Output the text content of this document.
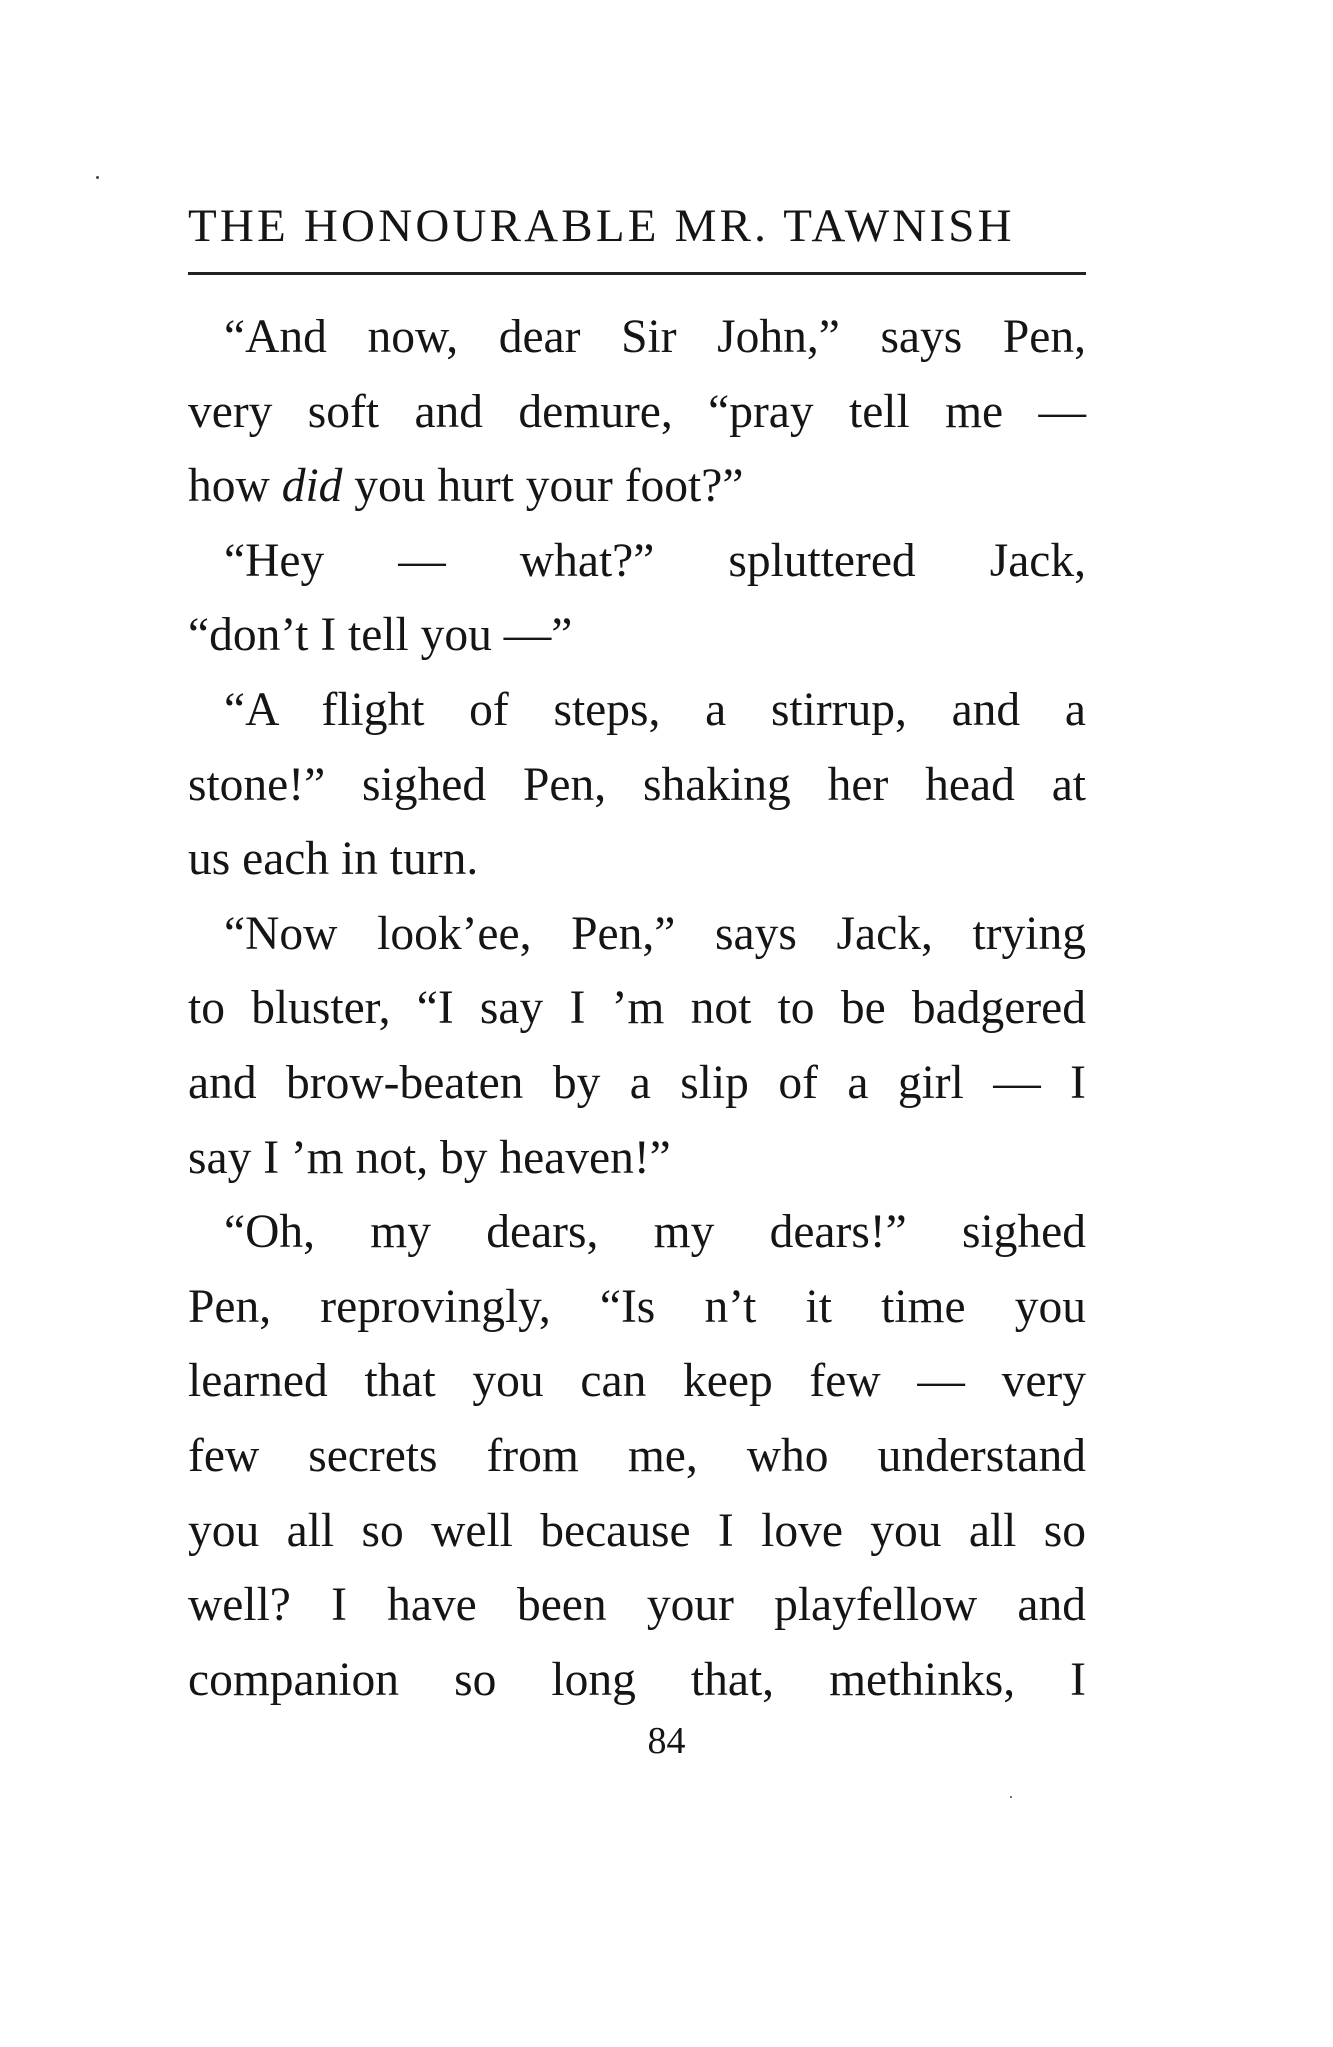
THE HONOURABLE MR. TAWNISH
“And now, dear Sir John,” says Pen,
very soft and demure, “pray tell me —
how did you hurt your foot?”
“Hey — what?” spluttered Jack,
“don’t I tell you —”
“A flight of steps, a stirrup, and a
stone!” sighed Pen, shaking her head at
us each in turn.
“Now look’ee, Pen,” says Jack, trying
to bluster, “I say I ’m not to be badgered
and brow-beaten by a slip of a girl — I
say I ’m not, by heaven!”
“Oh, my dears, my dears!” sighed
Pen, reprovingly, “Is n’t it time you
learned that you can keep few — very
few secrets from me, who understand
you all so well because I love you all so
well? I have been your playfellow and
companion so long that, methinks, I
84
